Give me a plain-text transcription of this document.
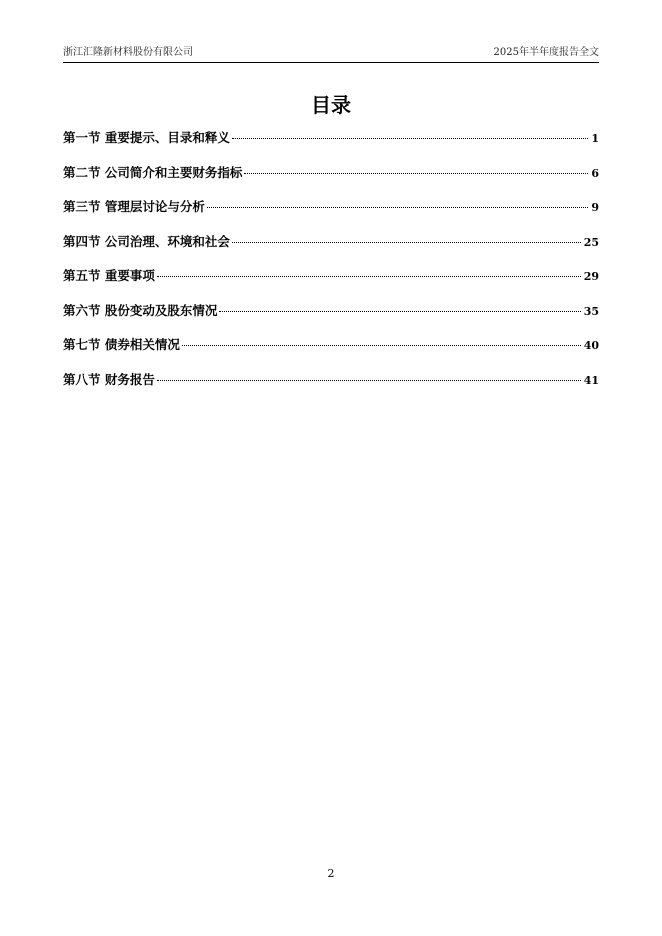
浙江汇隆新材料股份有限公司	2025年半年度报告全文
目录
第一节 重要提示、目录和释义	1
第二节 公司简介和主要财务指标	6
第三节 管理层讨论与分析	9
第四节 公司治理、环境和社会	25
第五节 重要事项	29
第六节 股份变动及股东情况	35
第七节 债券相关情况	40
第八节 财务报告	41
2
